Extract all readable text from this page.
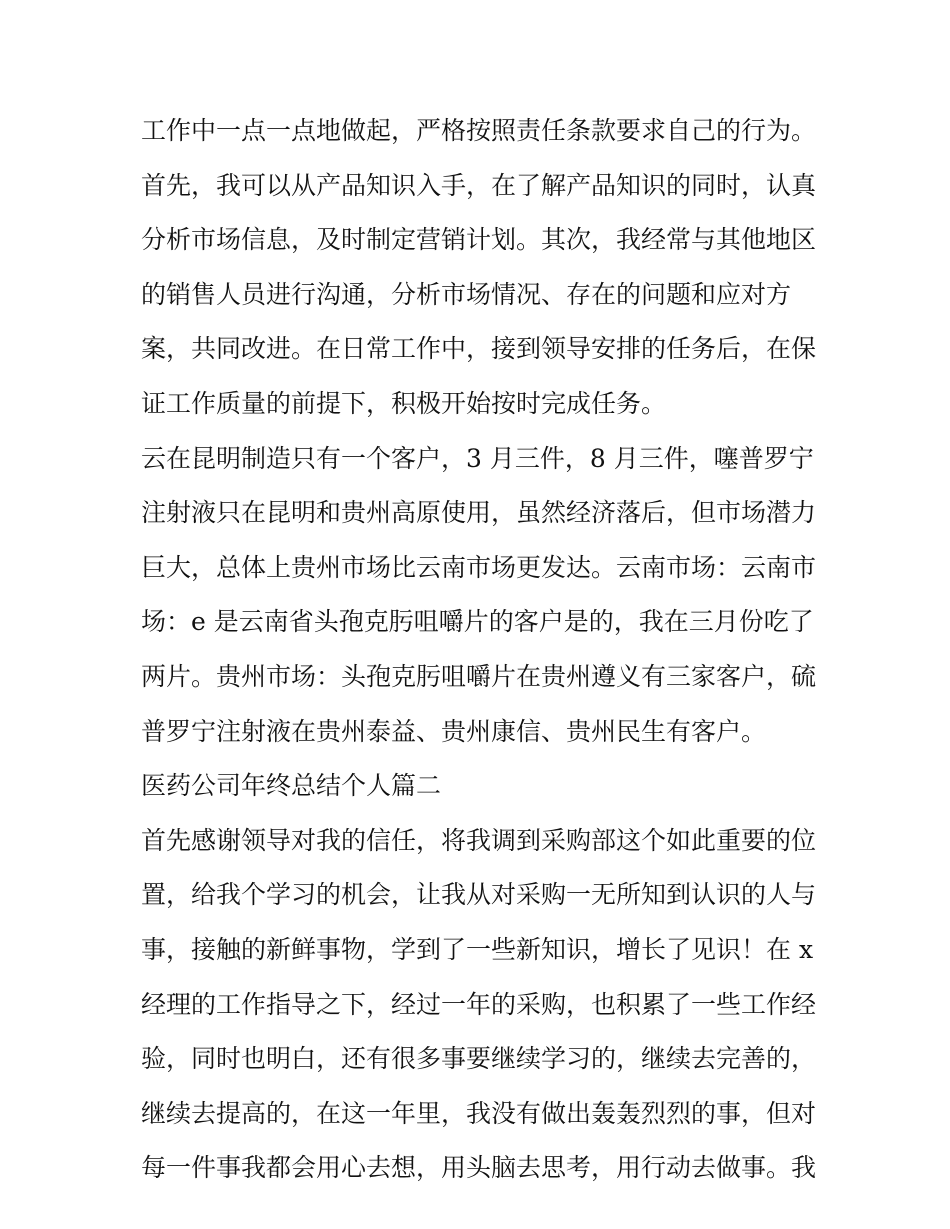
工作中一点一点地做起，严格按照责任条款要求自己的行为。
首先，我可以从产品知识入手，在了解产品知识的同时，认真
分析市场信息，及时制定营销计划。其次，我经常与其他地区
的销售人员进行沟通，分析市场情况、存在的问题和应对方
案，共同改进。在日常工作中，接到领导安排的任务后，在保
证工作质量的前提下，积极开始按时完成任务。
云在昆明制造只有一个客户，3 月三件，8 月三件，噻普罗宁
注射液只在昆明和贵州高原使用，虽然经济落后，但市场潜力
巨大，总体上贵州市场比云南市场更发达。云南市场：云南市
场：e 是云南省头孢克肟咀嚼片的客户是的，我在三月份吃了
两片。贵州市场：头孢克肟咀嚼片在贵州遵义有三家客户，硫
普罗宁注射液在贵州泰益、贵州康信、贵州民生有客户。
医药公司年终总结个人篇二
首先感谢领导对我的信任，将我调到采购部这个如此重要的位
置，给我个学习的机会，让我从对采购一无所知到认识的人与
事，接触的新鲜事物，学到了一些新知识，增长了见识！在 x
经理的工作指导之下，经过一年的采购，也积累了一些工作经
验，同时也明白，还有很多事要继续学习的，继续去完善的，
继续去提高的，在这一年里，我没有做出轰轰烈烈的事，但对
每一件事我都会用心去想，用头脑去思考，用行动去做事。我
